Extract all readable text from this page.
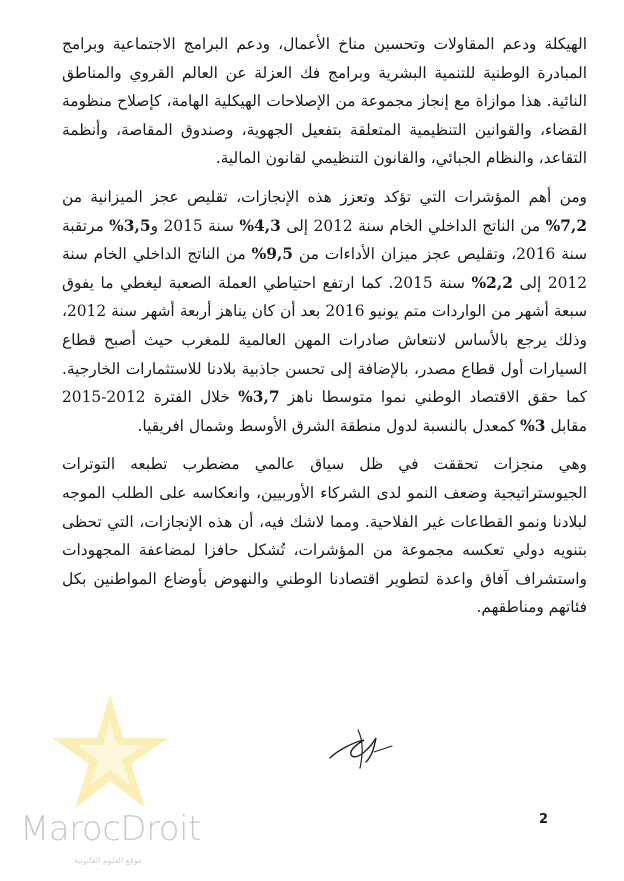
MarocDroit
موقع العلوم القانونية

الهيكلة ودعم المقاولات وتحسين مناخ الأعمال، ودعم البرامج الاجتماعية وبرامج المبادرة الوطنية للتنمية البشرية وبرامج فك العزلة عن العالم القروي والمناطق النائية. هذا موازاة مع إنجاز مجموعة من الإصلاحات الهيكلية الهامة، كإصلاح منظومة القضاء، والقوانين التنظيمية المتعلقة بتفعيل الجهوية، وصندوق المقاصة، وأنظمة التقاعد، والنظام الجبائي، والقانون التنظيمي لقانون المالية.

ومن أهم المؤشرات التي تؤكد وتعزز هذه الإنجازات، تقليص عجز الميزانية من 7,2% من الناتج الداخلي الخام سنة 2012 إلى 4,3% سنة 2015 و3,5% مرتقبة سنة 2016، وتقليص عجز ميزان الأداءات من 9,5% من الناتج الداخلي الخام سنة 2012 إلى 2,2% سنة 2015. كما ارتفع احتياطي العملة الصعبة ليغطي ما يفوق سبعة أشهر من الواردات متم يونيو 2016 بعد أن كان يناهز أربعة أشهر سنة 2012، وذلك يرجع بالأساس لانتعاش صادرات المهن العالمية للمغرب حيث أصبح قطاع السيارات أول قطاع مصدر، بالإضافة إلى تحسن جاذبية بلادنا للاستثمارات الخارجية. كما حقق الاقتصاد الوطني نموا متوسطا ناهز 3,7% خلال الفترة 2012-2015 مقابل 3% كمعدل بالنسبة لدول منطقة الشرق الأوسط وشمال افريقيا.

وهي منجزات تحققت في ظل سياق عالمي مضطرب تطبعه التوترات الجيوستراتيجية وضعف النمو لدى الشركاء الأوربيين، وانعكاسه على الطلب الموجه لبلادنا ونمو القطاعات غير الفلاحية. ومما لاشك فيه، أن هذه الإنجازات، التي تحظى بتنويه دولي تعكسه مجموعة من المؤشرات، تُشكل حافزا لمضاعفة المجهودات واستشراف آفاق واعدة لتطوير اقتصادنا الوطني والنهوض بأوضاع المواطنين بكل فئاتهم ومناطقهم.

2
